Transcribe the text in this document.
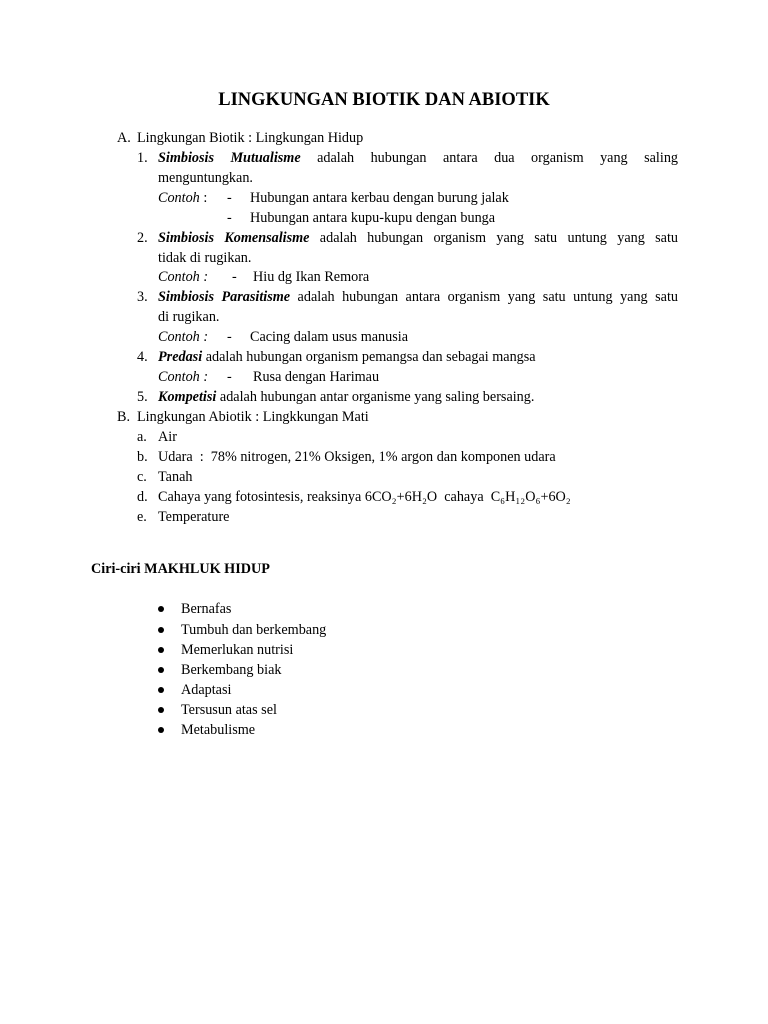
LINGKUNGAN BIOTIK DAN ABIOTIK
A. Lingkungan Biotik : Lingkungan Hidup
1. Simbiosis Mutualisme adalah hubungan antara dua organism yang saling
menguntungkan.
Contoh : - Hubungan antara kerbau dengan burung jalak
- Hubungan antara kupu-kupu dengan bunga
2. Simbiosis Komensalisme adalah hubungan organism yang satu untung yang satu
tidak di rugikan.
Contoh : - Hiu dg Ikan Remora
3. Simbiosis Parasitisme adalah hubungan antara organism yang satu untung yang satu
di rugikan.
Contoh : - Cacing dalam usus manusia
4. Predasi adalah hubungan organism pemangsa dan sebagai mangsa
Contoh : - Rusa dengan Harimau
5. Kompetisi adalah hubungan antar organisme yang saling bersaing.
B. Lingkungan Abiotik : Lingkkungan Mati
a. Air
b. Udara  :  78% nitrogen, 21% Oksigen, 1% argon dan komponen udara
c. Tanah
d. Cahaya yang fotosintesis, reaksinya 6CO₂+6H₂O  cahaya  C₆H₁₂O₆+6O₂
e. Temperature
Ciri-ciri MAKHLUK HIDUP
Bernafas
Tumbuh dan berkembang
Memerlukan nutrisi
Berkembang biak
Adaptasi
Tersusun atas sel
Metabulisme
